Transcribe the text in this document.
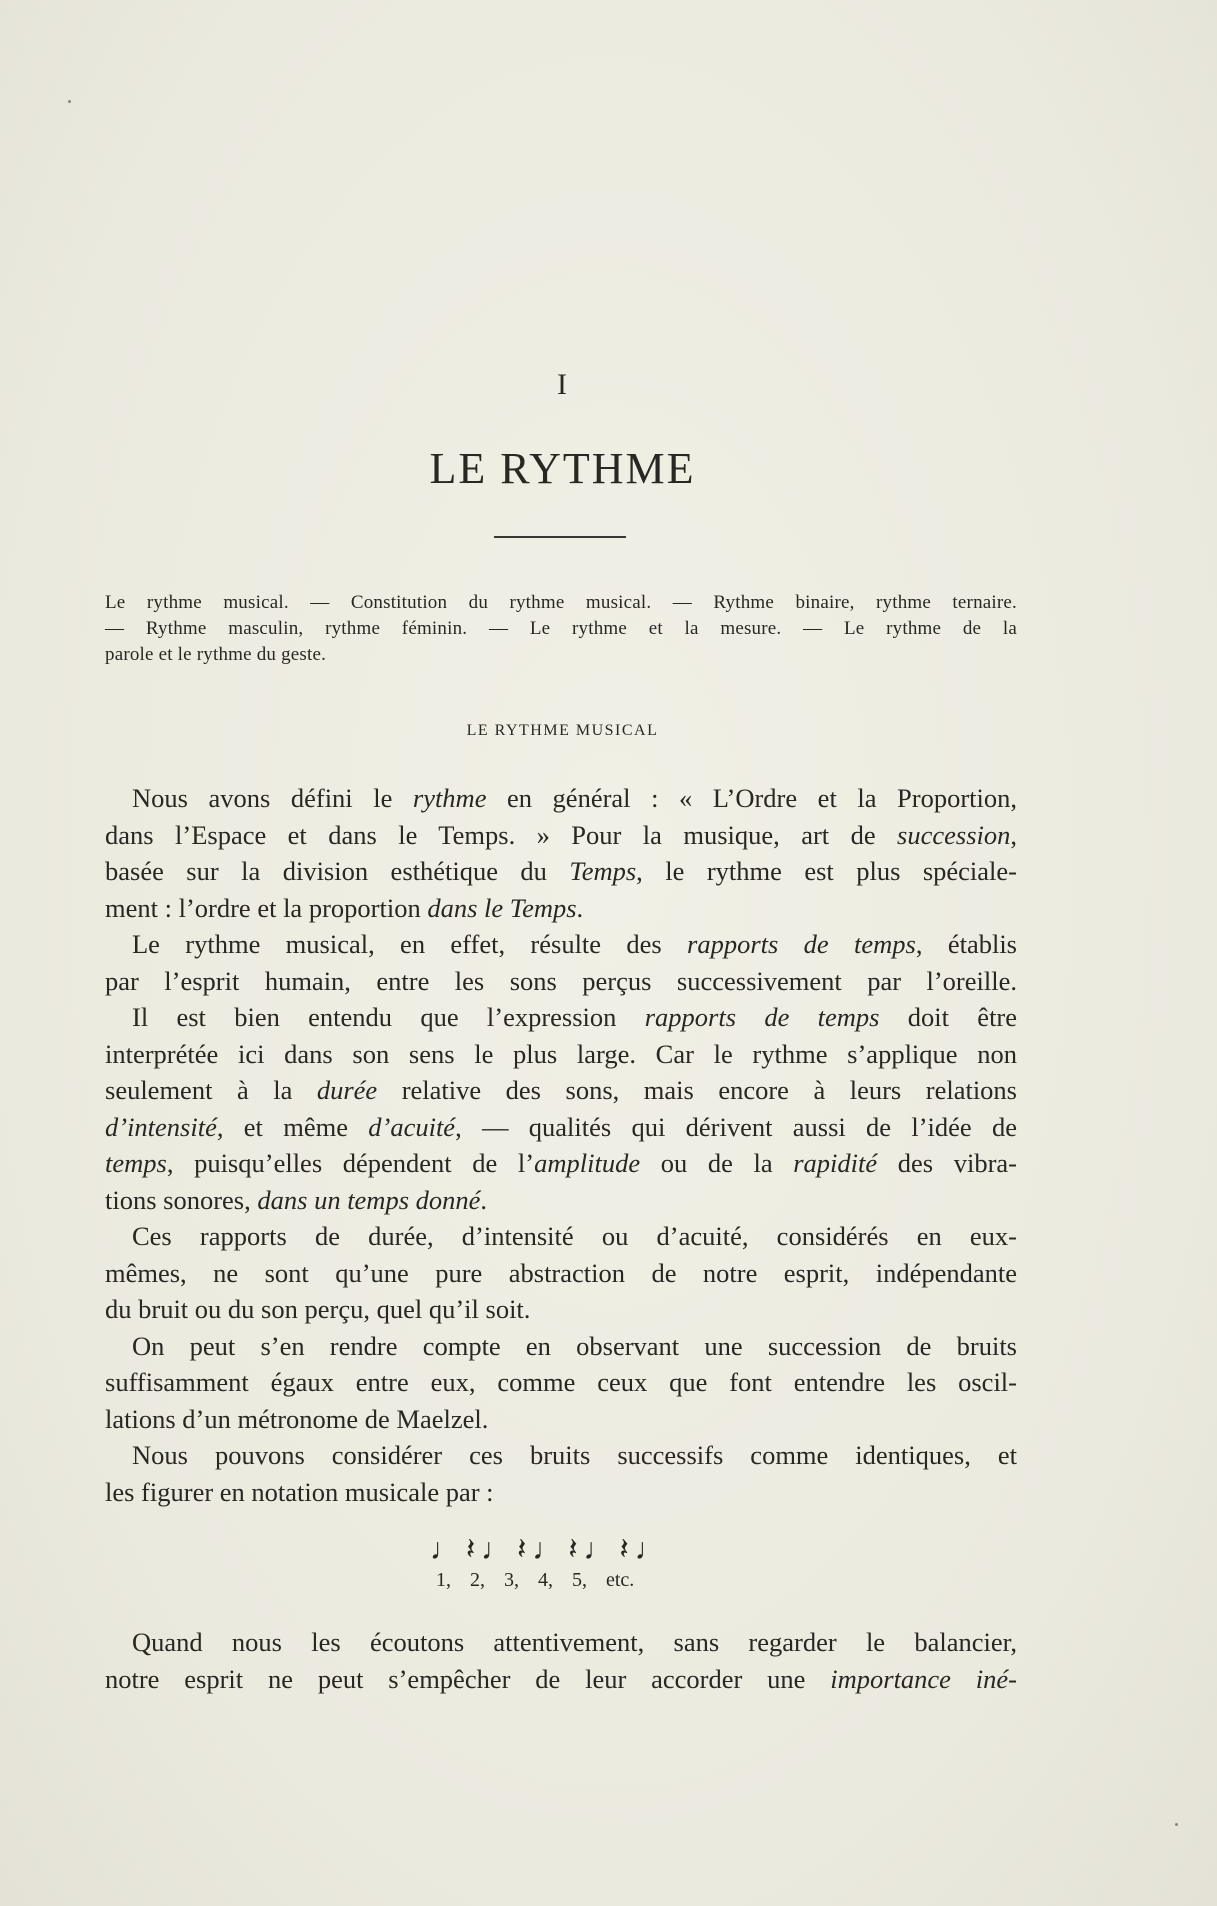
I
LE RYTHME
Le rythme musical. — Constitution du rythme musical. — Rythme binaire, rythme ternaire.
— Rythme masculin, rythme féminin. — Le rythme et la mesure. — Le rythme de la
parole et le rythme du geste.
LE RYTHME MUSICAL
Nous avons défini le rythme en général : « L’Ordre et la Proportion,
dans l’Espace et dans le Temps. » Pour la musique, art de succession,
basée sur la division esthétique du Temps, le rythme est plus spéciale-
ment : l’ordre et la proportion dans le Temps.
Le rythme musical, en effet, résulte des rapports de temps, établis
par l’esprit humain, entre les sons perçus successivement par l’oreille.
Il est bien entendu que l’expression rapports de temps doit être
interprétée ici dans son sens le plus large. Car le rythme s’applique non
seulement à la durée relative des sons, mais encore à leurs relations
d’intensité, et même d’acuité, — qualités qui dérivent aussi de l’idée de
temps, puisqu’elles dépendent de l’amplitude ou de la rapidité des vibra-
tions sonores, dans un temps donné.
Ces rapports de durée, d’intensité ou d’acuité, considérés en eux-
mêmes, ne sont qu’une pure abstraction de notre esprit, indépendante
du bruit ou du son perçu, quel qu’il soit.
On peut s’en rendre compte en observant une succession de bruits
suffisamment égaux entre eux, comme ceux que font entendre les oscil-
lations d’un métronome de Maelzel.
Nous pouvons considérer ces bruits successifs comme identiques, et
les figurer en notation musicale par :
♩𝄽♩𝄽♩𝄽♩𝄽♩
1, 2, 3, 4, 5, etc.
Quand nous les écoutons attentivement, sans regarder le balancier,
notre esprit ne peut s’empêcher de leur accorder une importance iné-
